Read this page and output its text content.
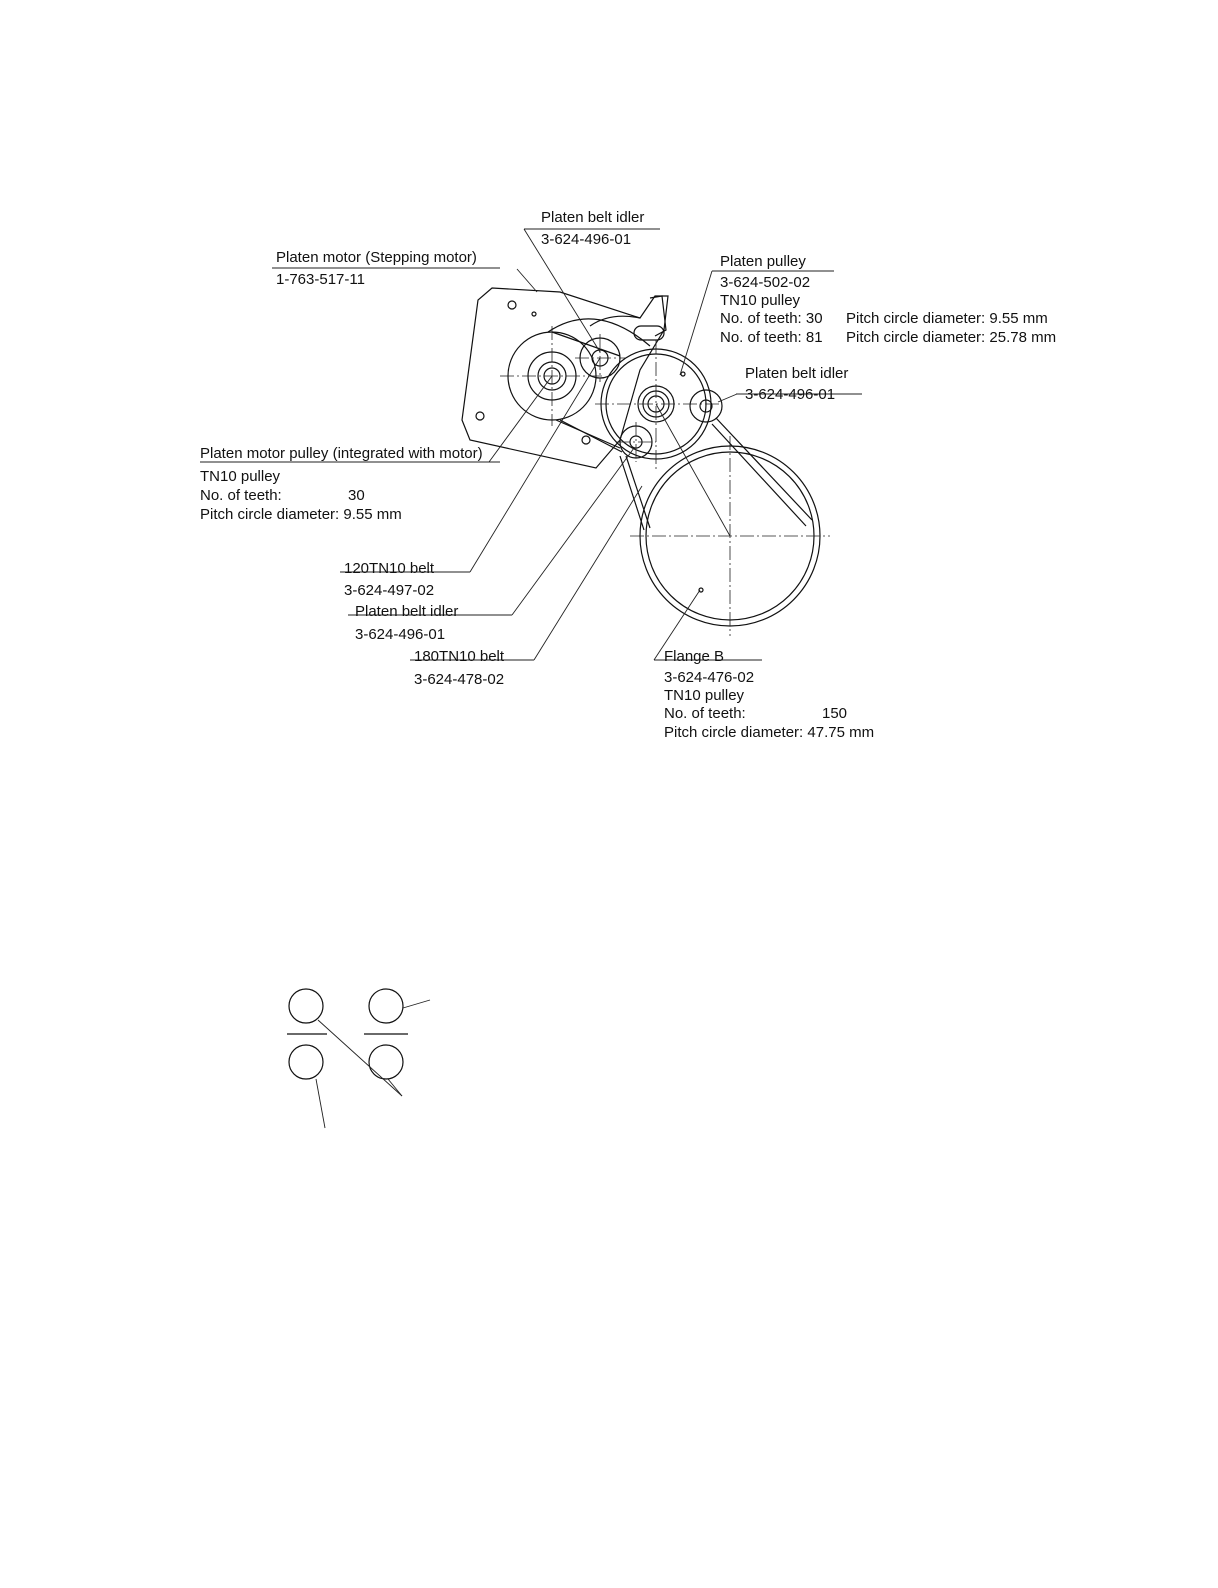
Platen belt idler
3-624-496-01
Platen motor (Stepping motor)
1-763-517-11
Platen pulley
3-624-502-02
TN10 pulley
No. of teeth: 30
No. of teeth: 81
Pitch circle diameter: 9.55 mm
Pitch circle diameter: 25.78 mm
Platen belt idler
3-624-496-01
Platen motor pulley (integrated with motor)
TN10 pulley
No. of teeth:	30
Pitch circle diameter: 9.55 mm
120TN10 belt
3-624-497-02
Platen belt idler
3-624-496-01
180TN10 belt
3-624-478-02
Flange B
3-624-476-02
TN10 pulley
No. of teeth:	150
Pitch circle diameter: 47.75 mm
